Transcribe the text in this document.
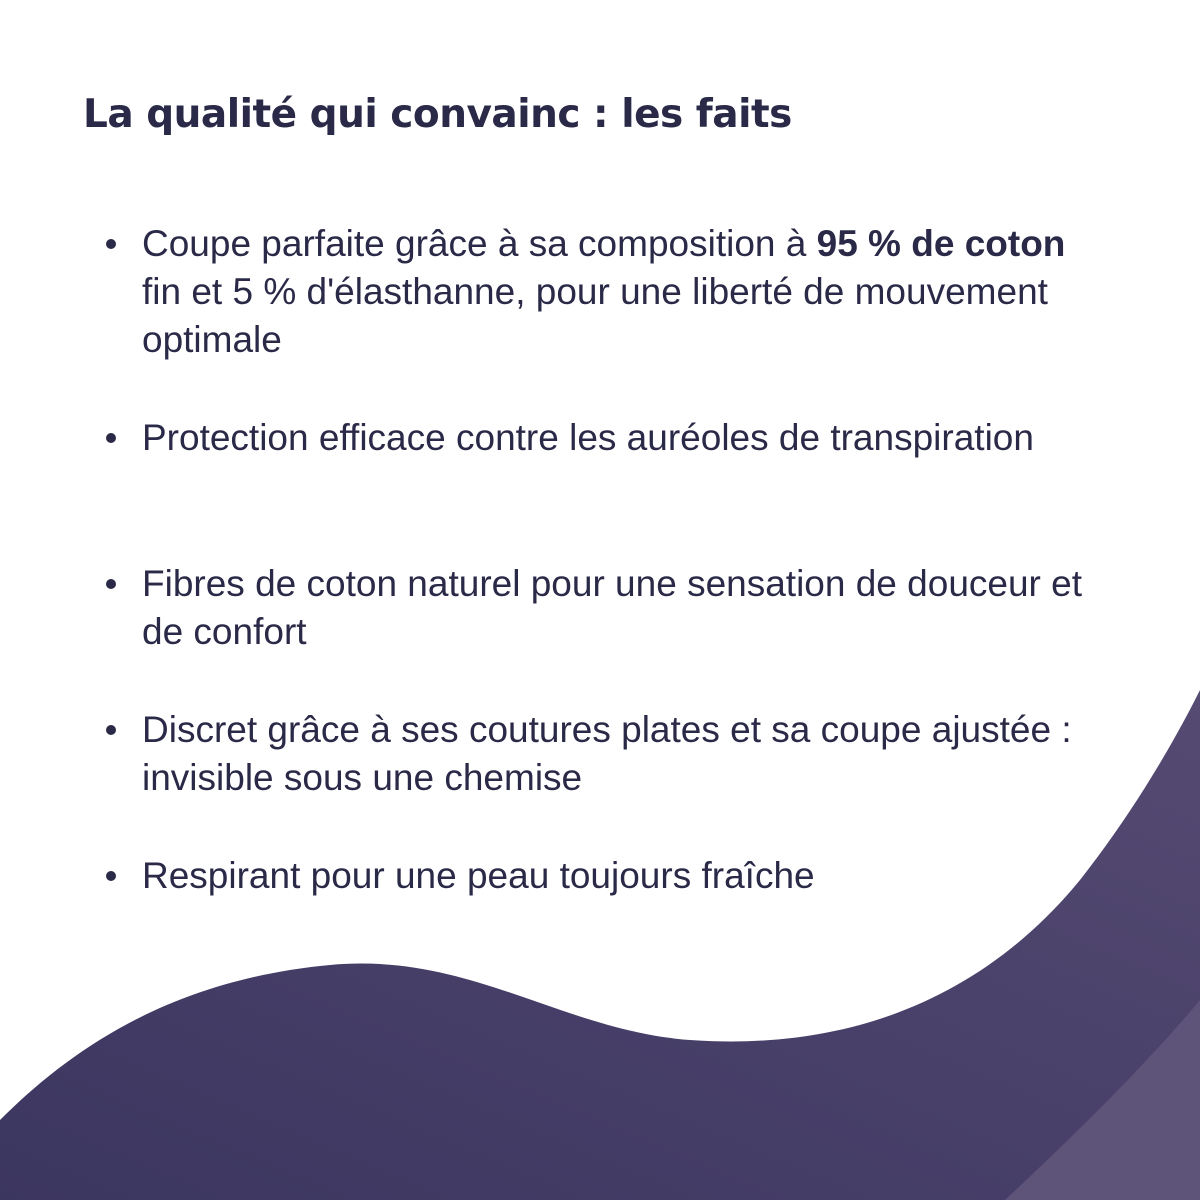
La qualité qui convainc : les faits
Coupe parfaite grâce à sa composition à 95 % de coton fin et 5 % d'élasthanne, pour une liberté de mouvement optimale
Protection efficace contre les auréoles de transpiration
Fibres de coton naturel pour une sensation de douceur et de confort
Discret grâce à ses coutures plates et sa coupe ajustée : invisible sous une chemise
Respirant pour une peau toujours fraîche
